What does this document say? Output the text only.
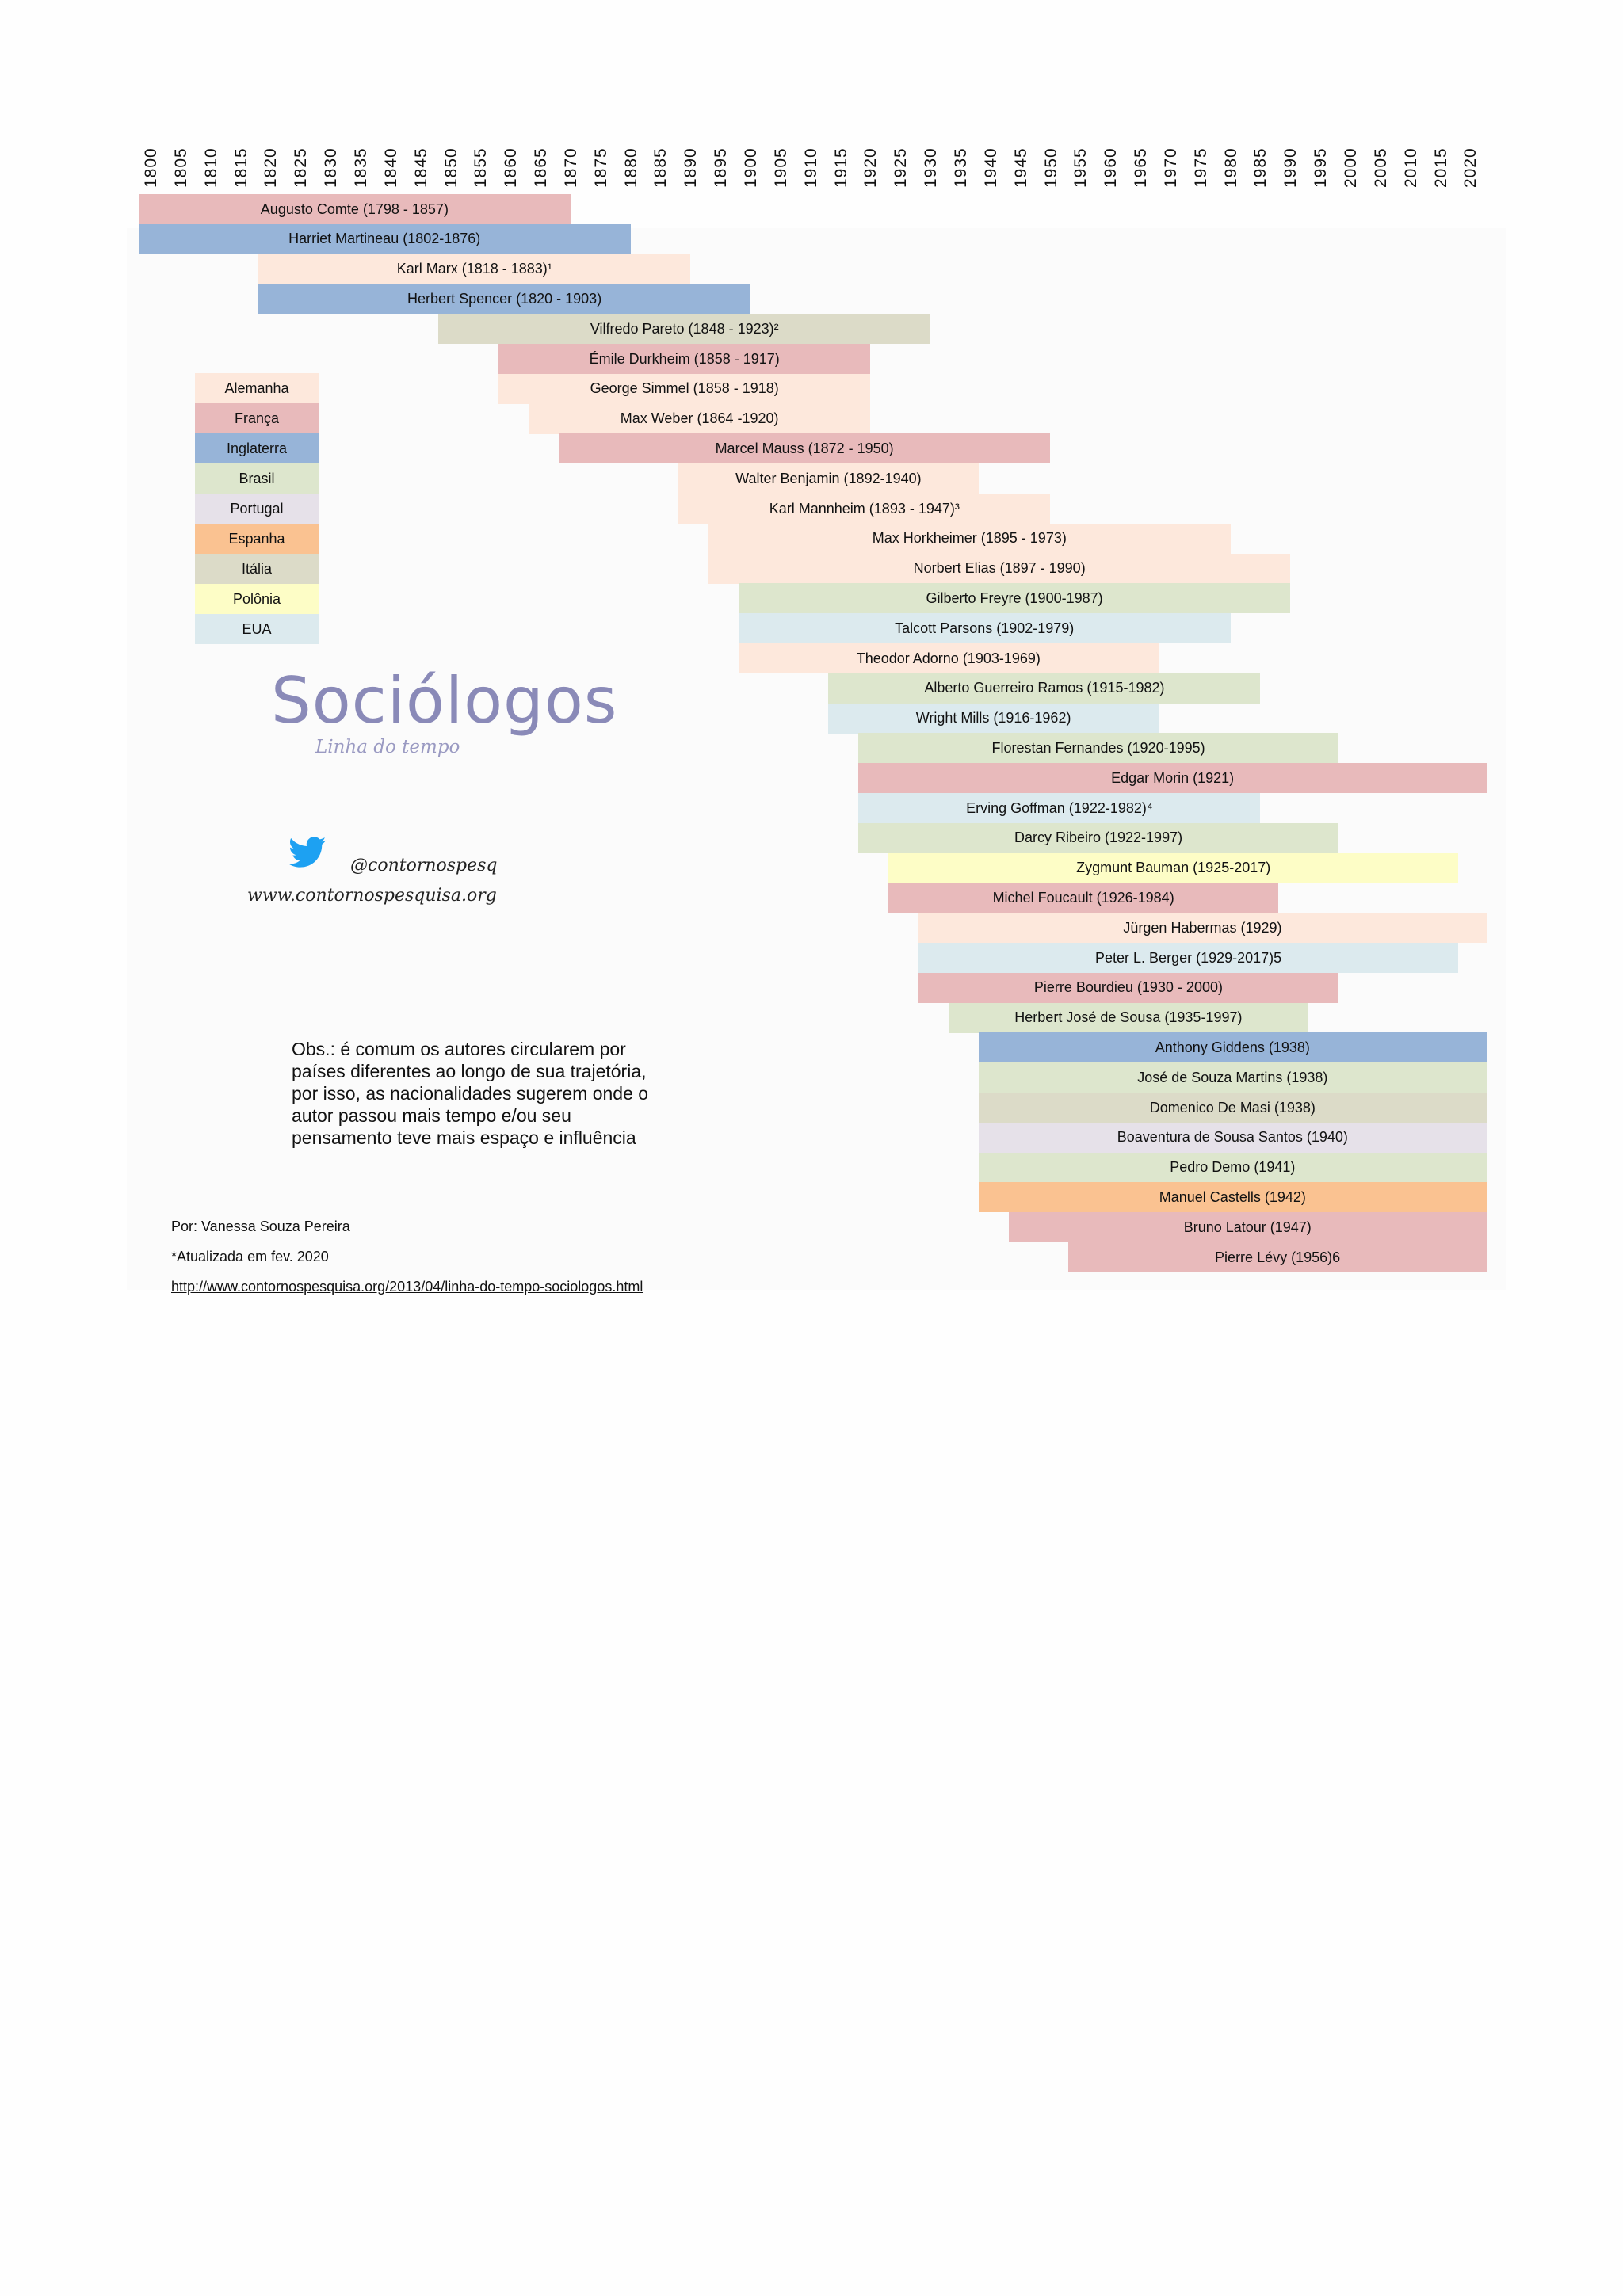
1800 1805 1810 1815 1820 1825 1830 1835 1840 1845 1850 1855 1860 1865 1870 1875 1880 1885 1890 1895 1900 1905 1910 1915 1920 1925 1930 1935 1940 1945 1950 1955 1960 1965 1970 1975 1980 1985 1990 1995 2000 2005 2010 2015 2020
Augusto Comte (1798 - 1857)
Harriet Martineau (1802-1876)
Karl Marx (1818 - 1883)¹
Herbert Spencer (1820 - 1903)
Vilfredo Pareto (1848 - 1923)²
Émile Durkheim (1858 - 1917)
George Simmel (1858 - 1918)
Max Weber (1864 -1920)
Marcel Mauss (1872 - 1950)
Walter Benjamin (1892-1940)
Karl Mannheim (1893 - 1947)³
Max Horkheimer (1895 - 1973)
Norbert Elias (1897 - 1990)
Gilberto Freyre (1900-1987)
Talcott Parsons (1902-1979)
Theodor Adorno (1903-1969)
Alberto Guerreiro Ramos (1915-1982)
Wright Mills (1916-1962)
Florestan Fernandes (1920-1995)
Edgar Morin (1921)
Erving Goffman (1922-1982)⁴
Darcy Ribeiro (1922-1997)
Zygmunt Bauman (1925-2017)
Michel Foucault (1926-1984)
Jürgen Habermas (1929)
Peter L. Berger (1929-2017)5
Pierre Bourdieu (1930 - 2000)
Herbert José de Sousa (1935-1997)
Anthony Giddens (1938)
José de Souza Martins (1938)
Domenico De Masi (1938)
Boaventura de Sousa Santos (1940)
Pedro Demo (1941)
Manuel Castells (1942)
Bruno Latour (1947)
Pierre Lévy (1956)6
Alemanha
França
Inglaterra
Brasil
Portugal
Espanha
Itália
Polônia
EUA
Sociólogos
Linha do tempo
@contornospesq
www.contornospesquisa.org

Obs.: é comum os autores circularem por países diferentes ao longo de sua trajetória, por isso, as nacionalidades sugerem onde o autor passou mais tempo e/ou seu pensamento teve mais espaço e influência

Por: Vanessa Souza Pereira
*Atualizada em fev. 2020
http://www.contornospesquisa.org/2013/04/linha-do-tempo-sociologos.html
